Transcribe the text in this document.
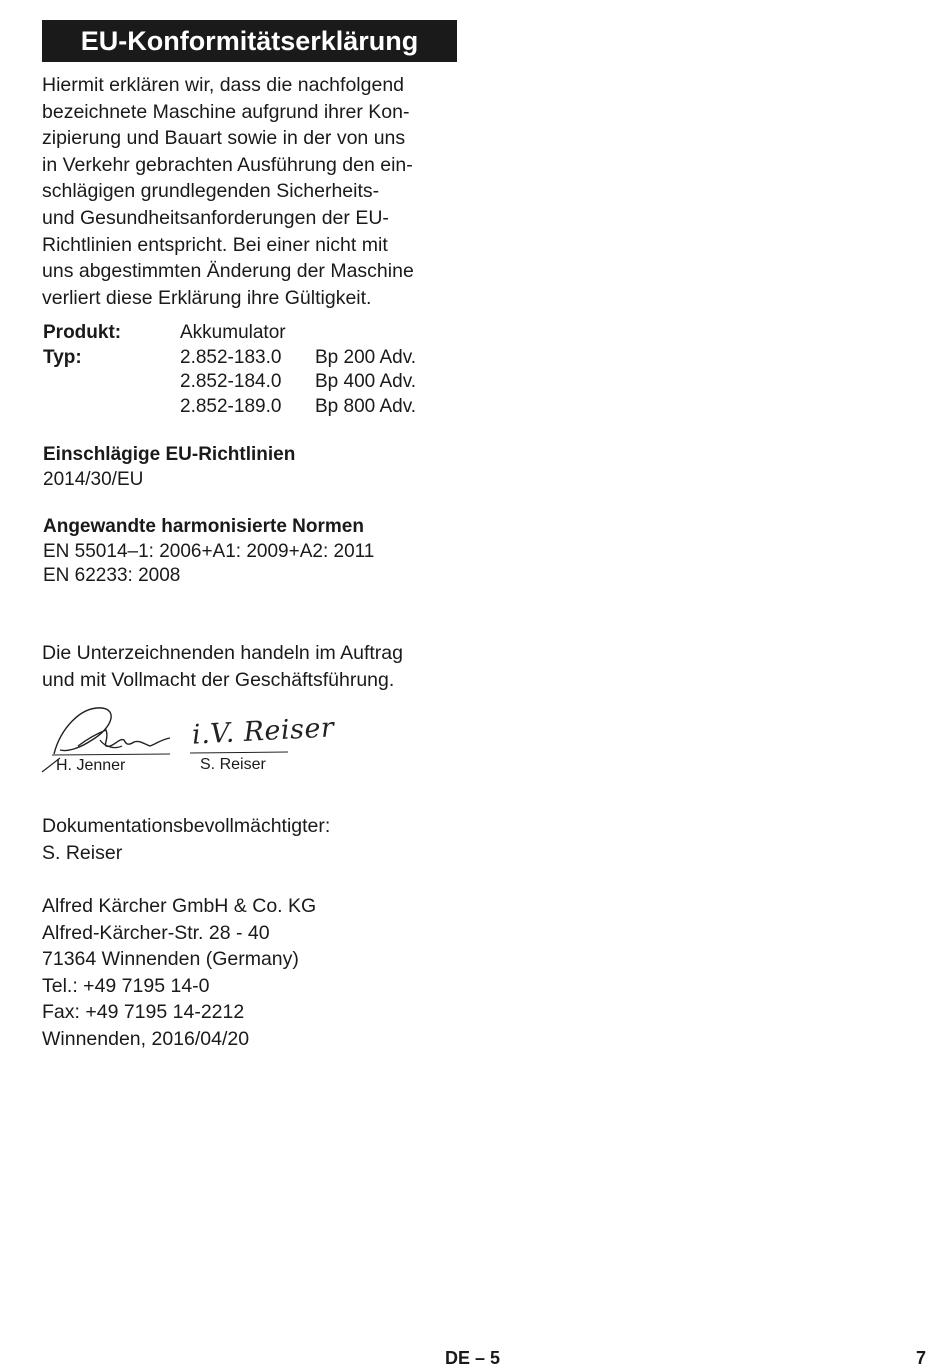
EU-Konformitätserklärung
Hiermit erklären wir, dass die nachfolgend
bezeichnete Maschine aufgrund ihrer Kon-
zipierung und Bauart sowie in der von uns
in Verkehr gebrachten Ausführung den ein-
schlägigen grundlegenden Sicherheits-
und Gesundheitsanforderungen der EU-
Richtlinien entspricht. Bei einer nicht mit
uns abgestimmten Änderung der Maschine
verliert diese Erklärung ihre Gültigkeit.
Produkt:	Akkumulator
Typ:	2.852-183.0 Bp 200 Adv.
2.852-184.0 Bp 400 Adv.
2.852-189.0 Bp 800 Adv.
Einschlägige EU-Richtlinien
2014/30/EU
Angewandte harmonisierte Normen
EN 55014–1: 2006+A1: 2009+A2: 2011
EN 62233: 2008
Die Unterzeichnenden handeln im Auftrag
und mit Vollmacht der Geschäftsführung.
i.V. Reiser
H. Jenner	S. Reiser
Dokumentationsbevollmächtigter:
S. Reiser
Alfred Kärcher GmbH & Co. KG
Alfred-Kärcher-Str. 28 - 40
71364 Winnenden (Germany)
Tel.: +49 7195 14-0
Fax: +49 7195 14-2212
Winnenden, 2016/04/20
DE – 5	7
